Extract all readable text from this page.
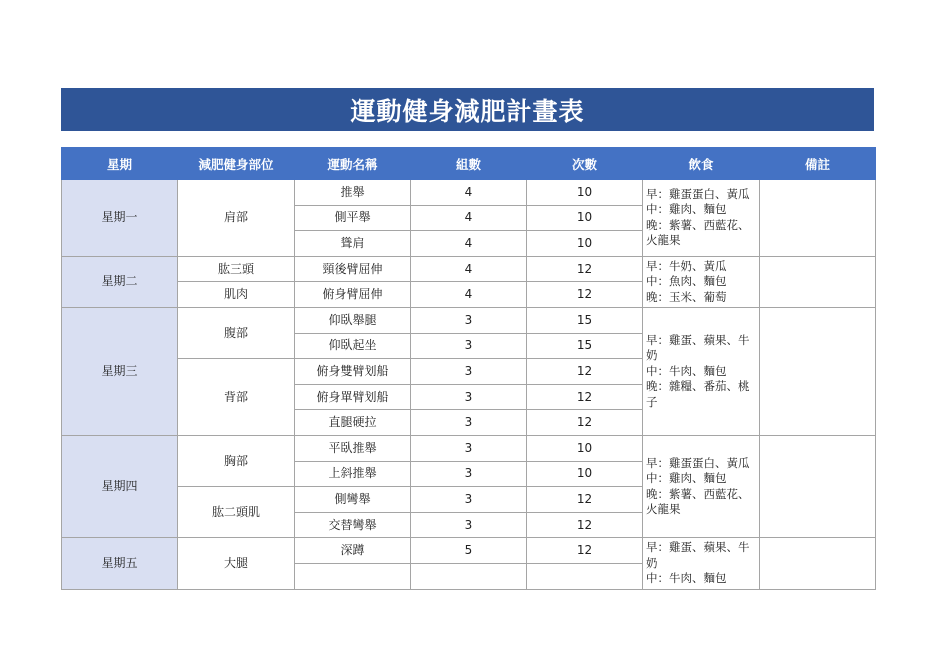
運動健身減肥計畫表
星期	減肥健身部位	運動名稱	組數	次數	飲食	備註
星期一	肩部	推舉	4	10	早：雞蛋蛋白、黃瓜
中：雞肉、麵包
晚：紫薯、西藍花、火龍果	

		側平舉	4	10		
		聳肩	4	10		
星期二	肱三頭	頸後臂屈伸	4	12	早：牛奶、黃瓜
中：魚肉、麵包
晚：玉米、葡萄	

	肌肉	俯身臂屈伸	4	12		
星期三	腹部	仰臥舉腿	3	15	早：雞蛋、蘋果、牛奶
中：牛肉、麵包
晚：雜糧、番茄、桃子	

		仰臥起坐	3	15		
	背部	俯身雙臂划船	3	12		
		俯身單臂划船	3	12		
		直腿硬拉	3	12		
星期四	胸部	平臥推舉	3	10	早：雞蛋蛋白、黃瓜
中：雞肉、麵包
晚：紫薯、西藍花、火龍果	

		上斜推舉	3	10		
	肱二頭肌	側彎舉	3	12		
		交替彎舉	3	12		
星期五	大腿	深蹲	5	12	早：雞蛋、蘋果、牛奶
中：牛肉、麵包	
